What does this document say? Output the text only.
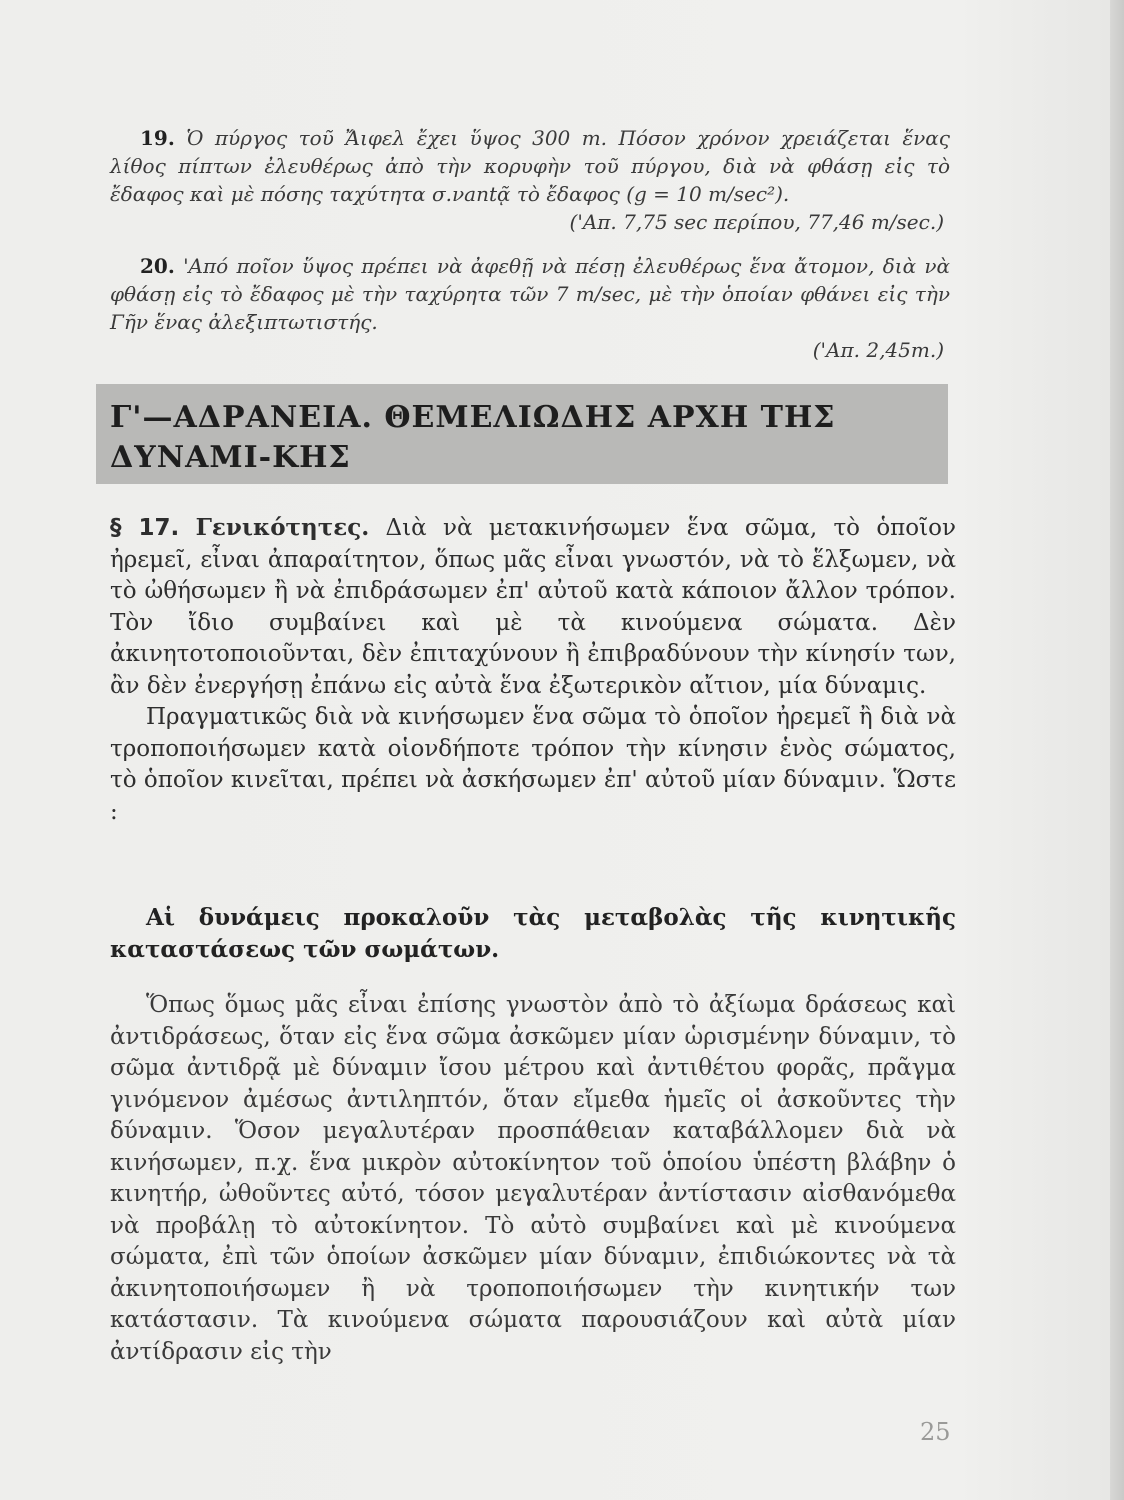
19. Ὁ πύργος τοῦ Ἄιφελ ἔχει ὕψος 300 m. Πόσον χρόνον χρειάζεται ἕνας λίθος πίπτων ἐλευθέρως ἀπὸ τὴν κορυφὴν τοῦ πύργου, διὰ νὰ φθάσῃ εἰς τὸ ἔδαφος καὶ μὲ πόσης ταχύτητα σ.νantᾷ τὸ ἔδαφος (g = 10 m/sec²).
('Απ. 7,75 sec περίπου, 77,46 m/sec.)

20. 'Από ποῖον ὕψος πρέπει νὰ ἀφεθῇ νὰ πέσῃ ἐλευθέρως ἕνα ἄτομον, διὰ νὰ φθάσῃ εἰς τὸ ἔδαφος μὲ τὴν ταχύρητα τῶν 7 m/sec, μὲ τὴν ὁποίαν φθάνει εἰς τὴν Γῆν ἕνας ἀλεξιπτωτιστής.
('Απ. 2,45m.)

Γ'—ΑΔΡΑΝΕΙΑ. ΘΕΜΕΛΙΩΔΗΣ ΑΡΧΗ ΤΗΣ ΔΥΝΑΜΙ-ΚΗΣ

§ 17. Γενικότητες. Διὰ νὰ μετακινήσωμεν ἕνα σῶμα, τὸ ὁποῖον ἠρεμεῖ, εἶναι ἀπαραίτητον, ὅπως μᾶς εἶναι γνωστόν, νὰ τὸ ἕλξωμεν, νὰ τὸ ὠθήσωμεν ἢ νὰ ἐπιδράσωμεν ἐπ' αὐτοῦ κατὰ κάποιον ἄλλον τρόπον. Τὸν ἴδιο συμβαίνει καὶ μὲ τὰ κινούμενα σώματα. Δὲν ἀκινητοτοποιοῦνται, δὲν ἐπιταχύνουν ἢ ἐπιβραδύνουν τὴν κίνησίν των, ἂν δὲν ἐνεργήσῃ ἐπάνω εἰς αὐτὰ ἕνα ἐξωτερικὸν αἴτιον, μία δύναμις.

Πραγματικῶς διὰ νὰ κινήσωμεν ἕνα σῶμα τὸ ὁποῖον ἠρεμεῖ ἢ διὰ νὰ τροποποιήσωμεν κατὰ οἱονδήποτε τρόπον τὴν κίνησιν ἑνὸς σώματος, τὸ ὁποῖον κινεῖται, πρέπει νὰ ἀσκήσωμεν ἐπ' αὐτοῦ μίαν δύναμιν. Ὥστε :

Αἱ δυνάμεις προκαλοῦν τὰς μεταβολὰς τῆς κινητικῆς καταστάσεως τῶν σωμάτων.

Ὅπως ὅμως μᾶς εἶναι ἐπίσης γνωστὸν ἀπὸ τὸ ἀξίωμα δράσεως καὶ ἀντιδράσεως, ὅταν εἰς ἕνα σῶμα ἀσκῶμεν μίαν ὡρισμένην δύναμιν, τὸ σῶμα ἀντιδρᾷ μὲ δύναμιν ἴσου μέτρου καὶ ἀντιθέτου φορᾶς, πρᾶγμα γινόμενον ἀμέσως ἀντιληπτόν, ὅταν εἴμεθα ἡμεῖς οἱ ἀσκοῦντες τὴν δύναμιν. Ὅσον μεγαλυτέραν προσπάθειαν καταβάλλομεν διὰ νὰ κινήσωμεν, π.χ. ἕνα μικρὸν αὐτοκίνητον τοῦ ὁποίου ὑπέστη βλάβην ὁ κινητήρ, ὠθοῦντες αὐτό, τόσον μεγαλυτέραν ἀντίστασιν αἰσθανόμεθα νὰ προβάλῃ τὸ αὐτοκίνητον. Τὸ αὐτὸ συμβαίνει καὶ μὲ κινούμενα σώματα, ἐπὶ τῶν ὁποίων ἀσκῶμεν μίαν δύναμιν, ἐπιδιώκοντες νὰ τὰ ἀκινητοποιήσωμεν ἢ νὰ τροποποιήσωμεν τὴν κινητικήν των κατάστασιν. Τὰ κινούμενα σώματα παρουσιάζουν καὶ αὐτὰ μίαν ἀντίδρασιν εἰς τὴν

25
